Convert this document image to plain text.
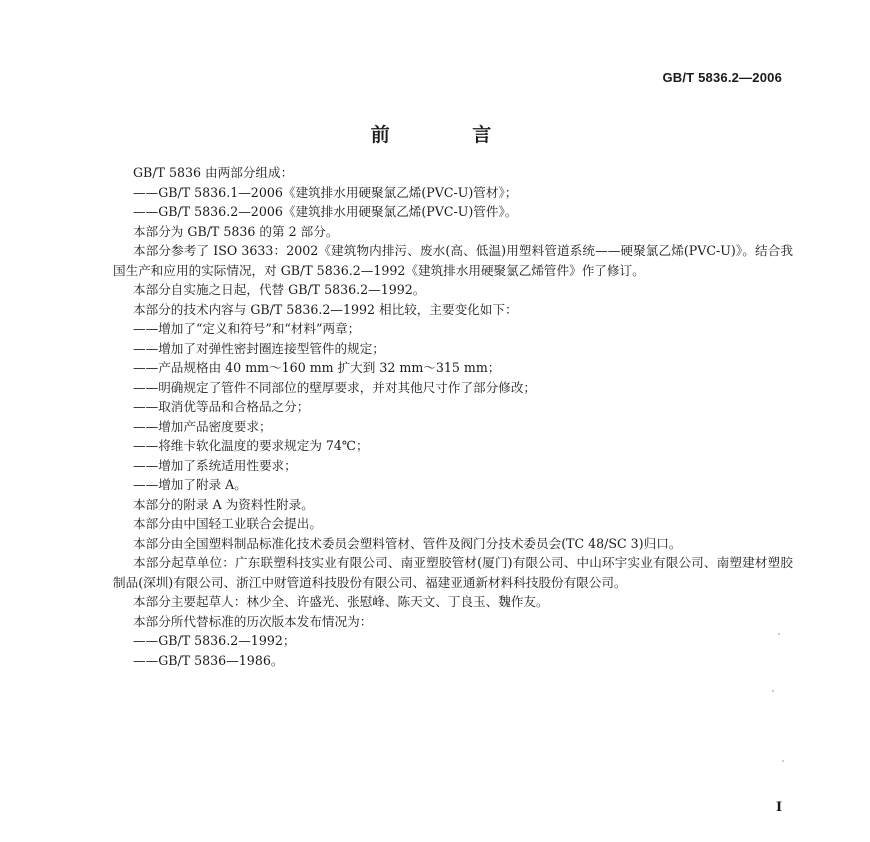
GB/T 5836.2—2006
前 言

GB/T 5836 由两部分组成：

——GB/T 5836.1—2006《建筑排水用硬聚氯乙烯(PVC-U)管材》；

——GB/T 5836.2—2006《建筑排水用硬聚氯乙烯(PVC-U)管件》。

本部分为 GB/T 5836 的第 2 部分。

本部分参考了 ISO 3633：2002《建筑物内排污、废水(高、低温)用塑料管道系统——硬聚氯乙烯(PVC-U)》。结合我国生产和应用的实际情况，对 GB/T 5836.2—1992《建筑排水用硬聚氯乙烯管件》作了修订。

本部分自实施之日起，代替 GB/T 5836.2—1992。

本部分的技术内容与 GB/T 5836.2—1992 相比较，主要变化如下：

——增加了“定义和符号”和“材料”两章；

——增加了对弹性密封圈连接型管件的规定；

——产品规格由 40 mm～160 mm 扩大到 32 mm～315 mm；

——明确规定了管件不同部位的壁厚要求，并对其他尺寸作了部分修改；

——取消优等品和合格品之分；

——增加产品密度要求；

——将维卡软化温度的要求规定为 74℃；

——增加了系统适用性要求；

——增加了附录 A。

本部分的附录 A 为资料性附录。

本部分由中国轻工业联合会提出。

本部分由全国塑料制品标准化技术委员会塑料管材、管件及阀门分技术委员会(TC 48/SC 3)归口。

本部分起草单位：广东联塑科技实业有限公司、南亚塑胶管材(厦门)有限公司、中山环宇实业有限公司、南塑建材塑胶制品(深圳)有限公司、浙江中财管道科技股份有限公司、福建亚通新材料科技股份有限公司。

本部分主要起草人：林少全、许盛光、张慰峰、陈天文、丁良玉、魏作友。

本部分所代替标准的历次版本发布情况为：

——GB/T 5836.2—1992；

——GB/T 5836—1986。

I
